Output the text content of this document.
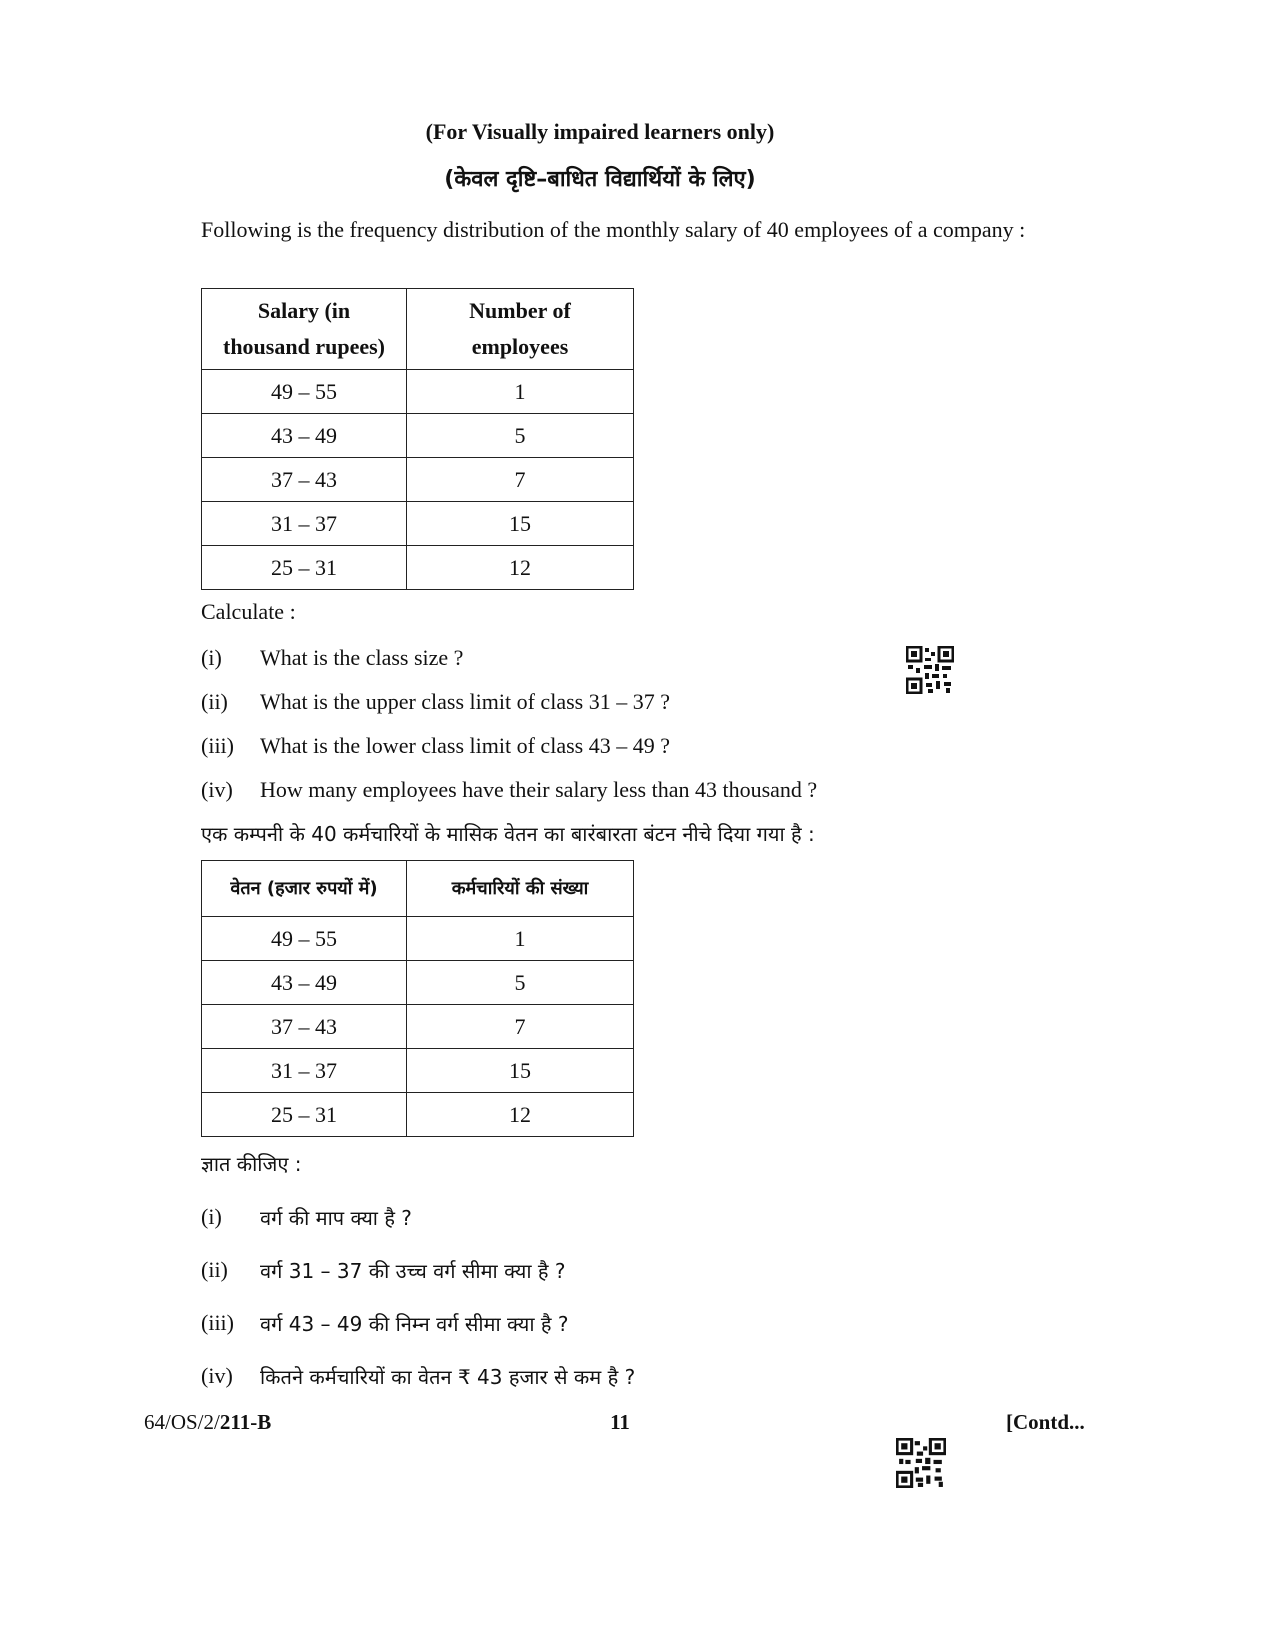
(For Visually impaired learners only)
(केवल दृष्टि–बाधित विद्यार्थियों के लिए)
Following is the frequency distribution of the monthly salary of 40 employees of a company :
Salary (in thousand rupees)	Number of employees

49 – 55	1
43 – 49	5
37 – 43	7
31 – 37	15
25 – 31	12
Calculate :
(i) What is the class size ?
(ii) What is the upper class limit of class 31 – 37 ?
(iii) What is the lower class limit of class 43 – 49 ?
(iv) How many employees have their salary less than 43 thousand ?
एक कम्पनी के 40 कर्मचारियों के मासिक वेतन का बारंबारता बंटन नीचे दिया गया है :
वेतन (हजार रुपयों में)	कर्मचारियों की संख्या
49 – 55	1
43 – 49	5
37 – 43	7
31 – 37	15
25 – 31	12
ज्ञात कीजिए :
(i) वर्ग की माप क्या है ?
(ii) वर्ग 31 – 37 की उच्च वर्ग सीमा क्या है ?
(iii) वर्ग 43 – 49 की निम्न वर्ग सीमा क्या है ?
(iv) कितने कर्मचारियों का वेतन ₹ 43 हजार से कम है ?
64/OS/2/211-B	11	[Contd...
